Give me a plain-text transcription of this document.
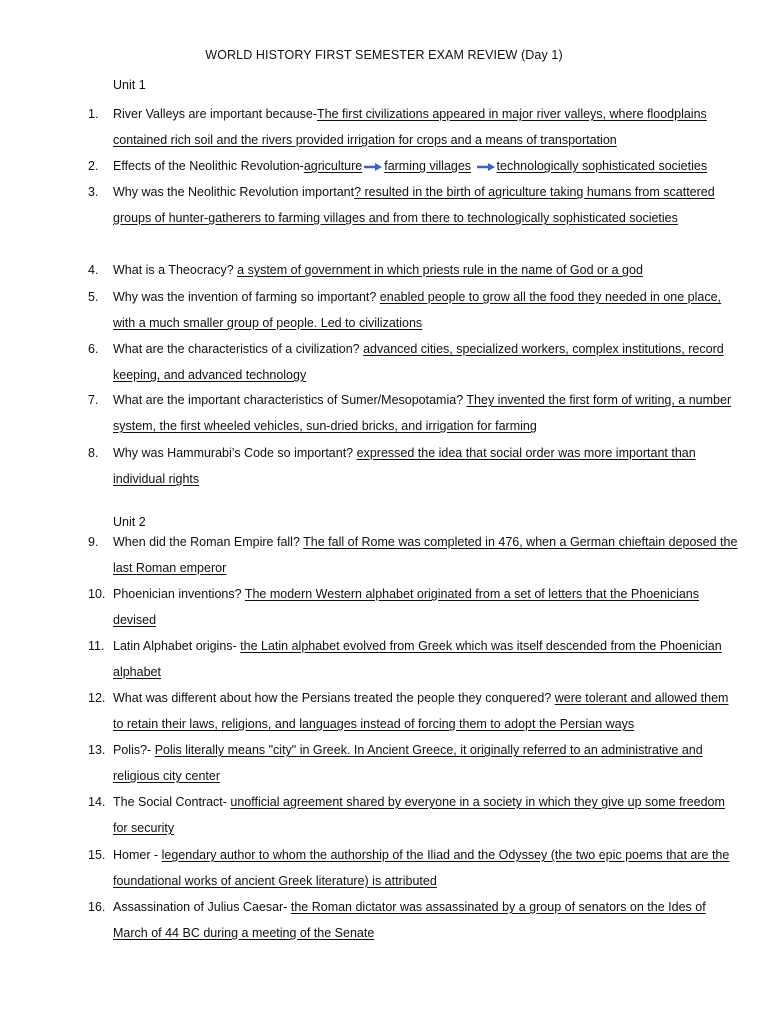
WORLD HISTORY FIRST SEMESTER EXAM REVIEW (Day 1)
Unit 1
1.	River Valleys are important because-The first civilizations appeared in major river valleys, where floodplains contained rich soil and the rivers provided irrigation for crops and a means of transportation
2.	Effects of the Neolithic Revolution-agriculture farming villages technologically sophisticated societies
3.	Why was the Neolithic Revolution important? resulted in the birth of agriculture taking humans from scattered groups of hunter-gatherers to farming villages and from there to technologically sophisticated societies
4.	What is a Theocracy? a system of government in which priests rule in the name of God or a god
5.	Why was the invention of farming so important? enabled people to grow all the food they needed in one place, with a much smaller group of people. Led to civilizations
6.	What are the characteristics of a civilization? advanced cities, specialized workers, complex institutions, record keeping, and advanced technology
7.	What are the important characteristics of Sumer/Mesopotamia? They invented the first form of writing, a number system, the first wheeled vehicles, sun-dried bricks, and irrigation for farming
8.	Why was Hammurabi’s Code so important? expressed the idea that social order was more important than individual rights
Unit 2
9.	When did the Roman Empire fall? The fall of Rome was completed in 476, when a German chieftain deposed the last Roman emperor
10. Phoenician inventions? The modern Western alphabet originated from a set of letters that the Phoenicians devised
11. Latin Alphabet origins- the Latin alphabet evolved from Greek which was itself descended from the Phoenician alphabet
12. What was different about how the Persians treated the people they conquered? were tolerant and allowed them to retain their laws, religions, and languages instead of forcing them to adopt the Persian ways
13. Polis?- Polis literally means "city" in Greek. In Ancient Greece, it originally referred to an administrative and religious city center
14. The Social Contract- unofficial agreement shared by everyone in a society in which they give up some freedom for security
15. Homer - legendary author to whom the authorship of the Iliad and the Odyssey (the two epic poems that are the foundational works of ancient Greek literature) is attributed
16. Assassination of Julius Caesar- the Roman dictator was assassinated by a group of senators on the Ides of March of 44 BC during a meeting of the Senate
